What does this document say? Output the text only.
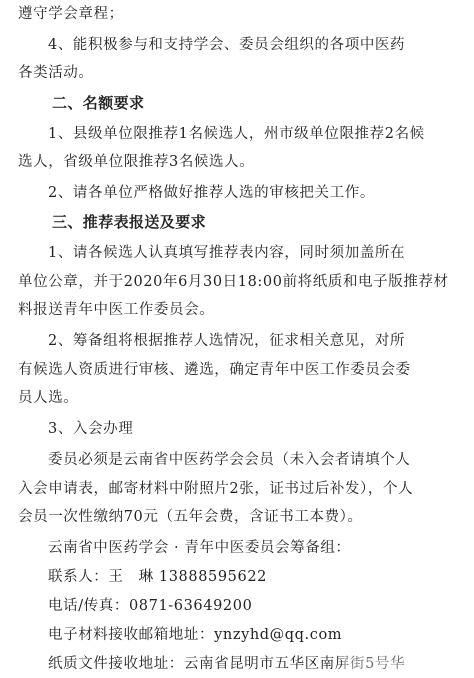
遵守学会章程；
4、能积极参与和支持学会、委员会组织的各项中医药
各类活动。
二、名额要求
1、县级单位限推荐1名候选人，州市级单位限推荐2名候
选人，省级单位限推荐3名候选人。
2、请各单位严格做好推荐人选的审核把关工作。
三、推荐表报送及要求
1、请各候选人认真填写推荐表内容，同时须加盖所在
单位公章，并于2020年6月30日18:00前将纸质和电子版推荐材
料报送青年中医工作委员会。
2、筹备组将根据推荐人选情况，征求相关意见，对所
有候选人资质进行审核、遴选，确定青年中医工作委员会委
员人选。
3、入会办理
委员必须是云南省中医药学会会员（未入会者请填个人
入会申请表，邮寄材料中附照片2张，证书过后补发），个人
会员一次性缴纳70元（五年会费，含证书工本费）。
云南省中医药学会 · 青年中医委员会筹备组：
联系人：王　琳 13888595622
电话/传真：0871-63649200
电子材料接收邮箱地址：ynzyhd@qq.com
纸质文件接收地址：云南省昆明市五华区南屏街5号华
